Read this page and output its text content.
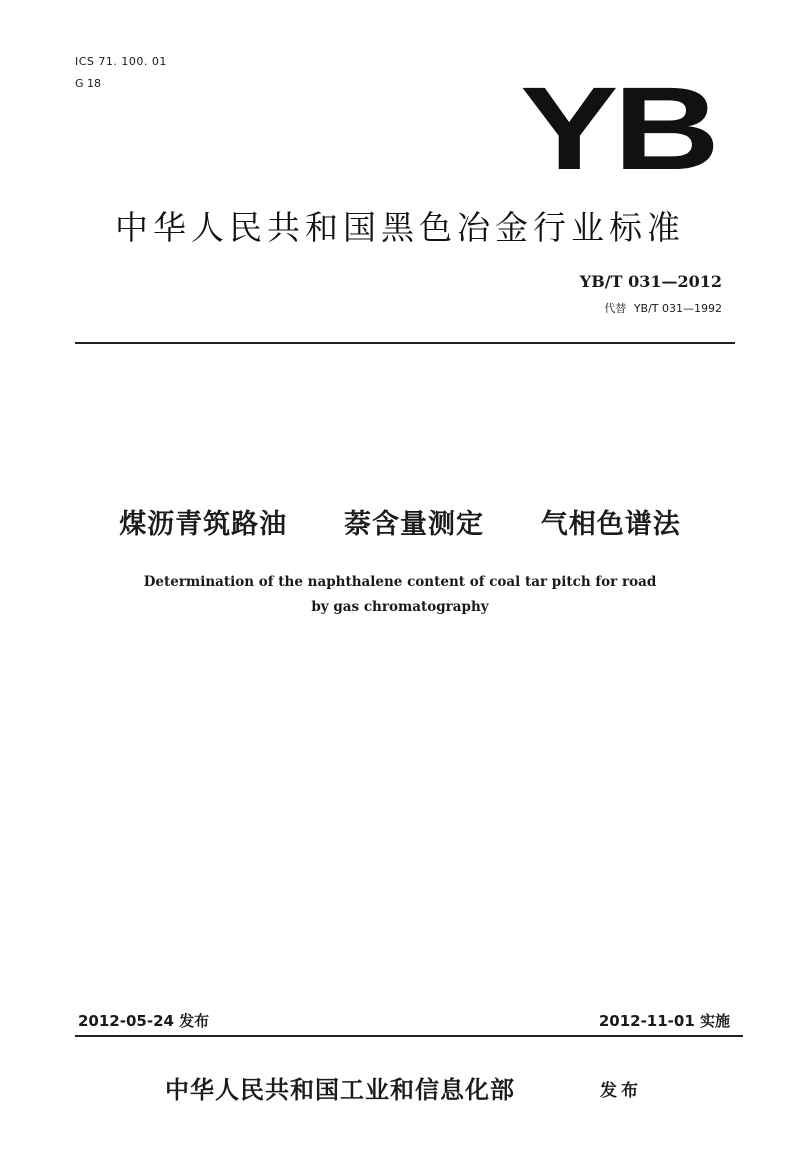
ICS 71. 100. 01
G 18	YB
中华人民共和国黑色冶金行业标准
YB/T 031—2012
代替 YB/T 031—1992
煤沥青筑路油  萘含量测定  气相色谱法
Determination of the naphthalene content of coal tar pitch for road
by gas chromatography
2012-05-24 发布	2012-11-01 实施
中华人民共和国工业和信息化部	发布
